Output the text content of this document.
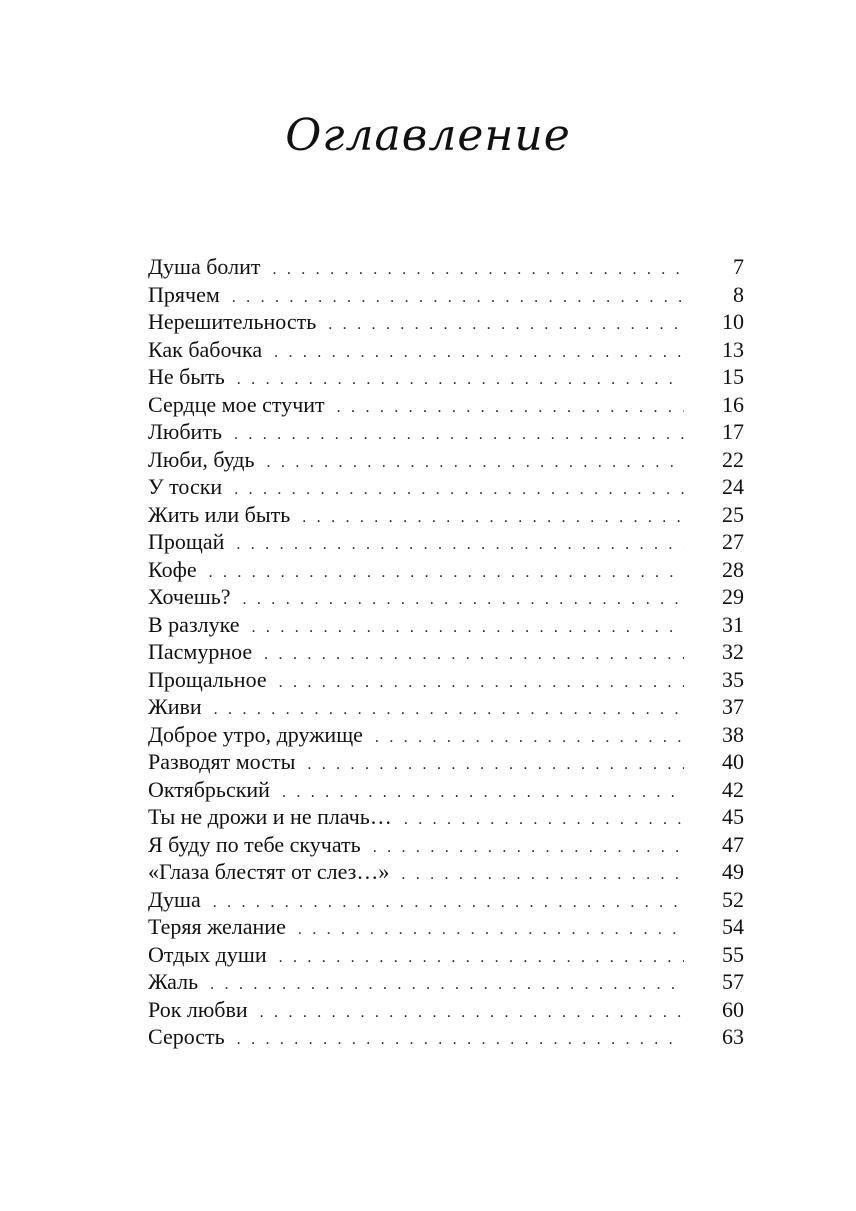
Оглавление
Душа болит . . .	7
Прячем . . .	8
Нерешительность . . .	10
Как бабочка . . .	13
Не быть . . .	15
Сердце мое стучит . . .	16
Любить . . .	17
Люби, будь . . .	22
У тоски . . .	24
Жить или быть . . .	25
Прощай . . .	27
Кофе . . .	28
Хочешь? . . .	29
В разлуке . . .	31
Пасмурное . . .	32
Прощальное . . .	35
Живи . . .	37
Доброе утро, дружище . . .	38
Разводят мосты . . .	40
Октябрьский . . .	42
Ты не дрожи и не плачь… . . .	45
Я буду по тебе скучать . . .	47
«Глаза блестят от слез…» . . .	49
Душа . . .	52
Теряя желание . . .	54
Отдых души . . .	55
Жаль . . .	57
Рок любви . . .	60
Серость . . .	63
